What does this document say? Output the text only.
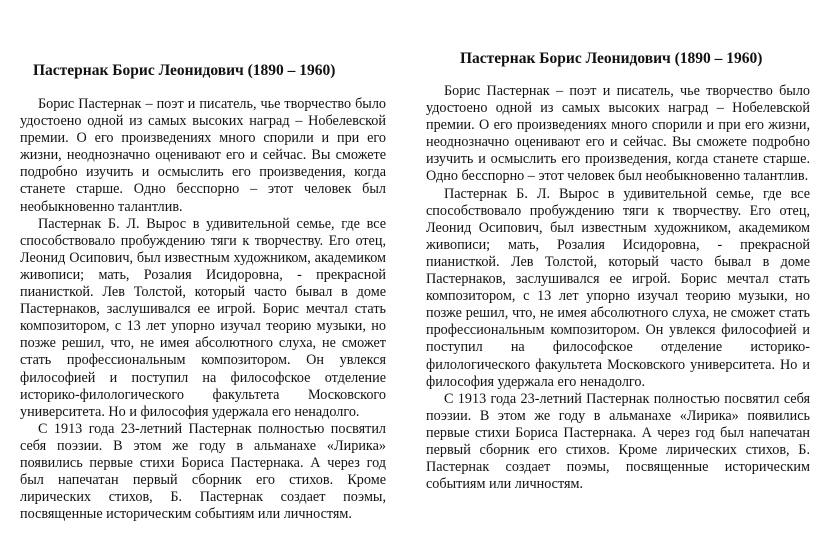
Пастернак Борис Леонидович (1890 – 1960)

Борис Пастернак – поэт и писатель, чье творчество было удостоено одной из самых высоких наград – Нобелевской премии. О его произведениях много спорили и при его жизни, неоднозначно оценивают его и сейчас. Вы сможете подробно изучить и осмыслить его произведения, когда станете старше. Одно бесспорно – этот человек был необыкновенно талантлив.

Пастернак Б. Л. Вырос в удивительной семье, где все способствовало пробуждению тяги к творчеству. Его отец, Леонид Осипович, был известным художником, академиком живописи; мать, Розалия Исидоровна, - прекрасной пианисткой. Лев Толстой, который часто бывал в доме Пастернаков, заслушивался ее игрой. Борис мечтал стать композитором, с 13 лет упорно изучал теорию музыки, но позже решил, что, не имея абсолютного слуха, не сможет стать профессиональным композитором. Он увлекся философией и поступил на философское отделение историко-филологического факультета Московского университета. Но и философия удержала его ненадолго.

С 1913 года 23-летний Пастернак полностью посвятил себя поэзии. В этом же году в альманахе «Лирика» появились первые стихи Бориса Пастернака. А через год был напечатан первый сборник его стихов. Кроме лирических стихов, Б. Пастернак создает поэмы, посвященные историческим событиям или личностям.

Пастернак Борис Леонидович (1890 – 1960)

Борис Пастернак – поэт и писатель, чье творчество было удостоено одной из самых высоких наград – Нобелевской премии. О его произведениях много спорили и при его жизни, неоднозначно оценивают его и сейчас. Вы сможете подробно изучить и осмыслить его произведения, когда станете старше. Одно бесспорно – этот человек был необыкновенно талантлив.

Пастернак Б. Л. Вырос в удивительной семье, где все способствовало пробуждению тяги к творчеству. Его отец, Леонид Осипович, был известным художником, академиком живописи; мать, Розалия Исидоровна, - прекрасной пианисткой. Лев Толстой, который часто бывал в доме Пастернаков, заслушивался ее игрой. Борис мечтал стать композитором, с 13 лет упорно изучал теорию музыки, но позже решил, что, не имея абсолютного слуха, не сможет стать профессиональным композитором. Он увлекся философией и поступил на философское отделение историко-филологического факультета Московского университета. Но и философия удержала его ненадолго.

С 1913 года 23-летний Пастернак полностью посвятил себя поэзии. В этом же году в альманахе «Лирика» появились первые стихи Бориса Пастернака. А через год был напечатан первый сборник его стихов. Кроме лирических стихов, Б. Пастернак создает поэмы, посвященные историческим событиям или личностям.
